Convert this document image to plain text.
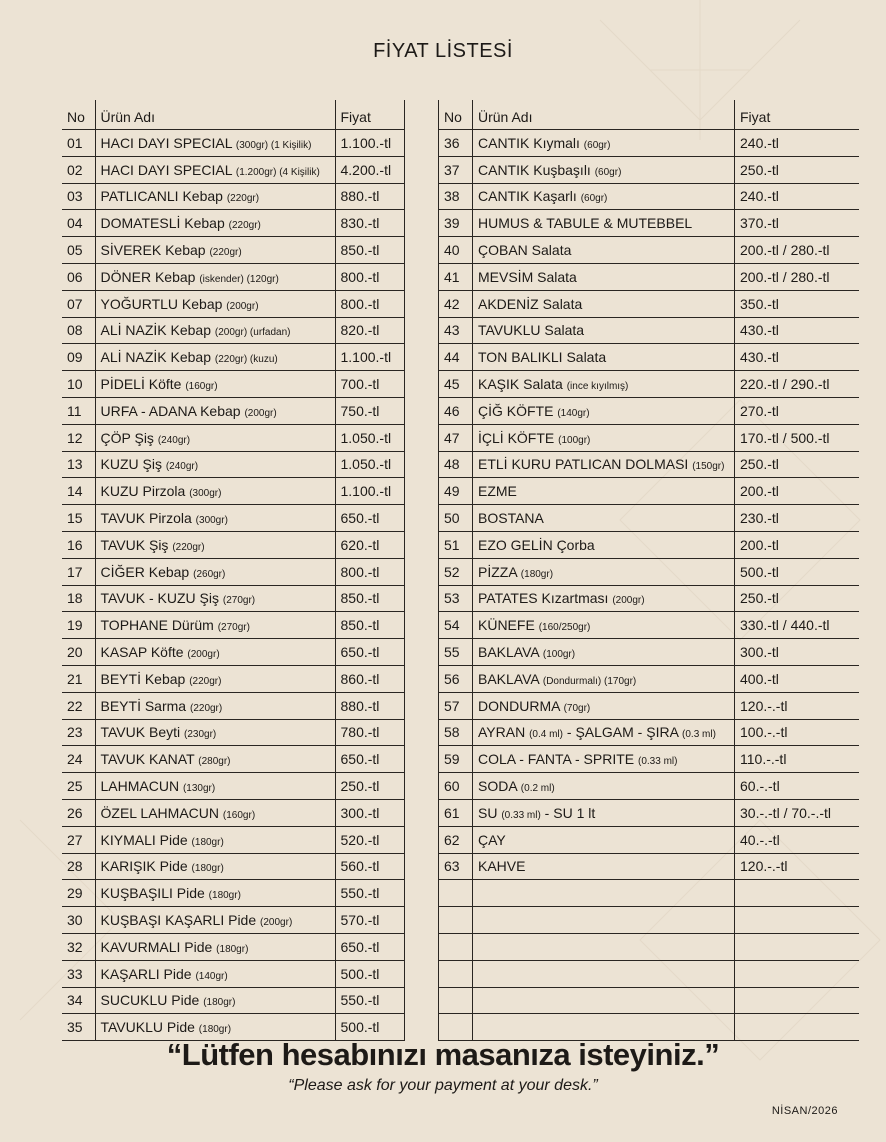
FİYAT LİSTESİ
No	Ürün Adı	Fiyat
01	HACI DAYI SPECIAL (300gr) (1 Kişilik)	1.100.-tl
02	HACI DAYI SPECIAL (1.200gr) (4 Kişilik)	4.200.-tl
03	PATLICANLI Kebap (220gr)	880.-tl
04	DOMATESLİ Kebap (220gr)	830.-tl
05	SİVEREK Kebap (220gr)	850.-tl
06	DÖNER Kebap (iskender) (120gr)	800.-tl
07	YOĞURTLU Kebap (200gr)	800.-tl
08	ALİ NAZİK Kebap (200gr) (urfadan)	820.-tl
09	ALİ NAZİK Kebap (220gr) (kuzu)	1.100.-tl
10	PİDELİ Köfte (160gr)	700.-tl
11	URFA - ADANA Kebap (200gr)	750.-tl
12	ÇÖP Şiş (240gr)	1.050.-tl
13	KUZU Şiş (240gr)	1.050.-tl
14	KUZU Pirzola (300gr)	1.100.-tl
15	TAVUK Pirzola (300gr)	650.-tl
16	TAVUK Şiş (220gr)	620.-tl
17	CİĞER Kebap (260gr)	800.-tl
18	TAVUK - KUZU Şiş (270gr)	850.-tl
19	TOPHANE Dürüm (270gr)	850.-tl
20	KASAP Köfte (200gr)	650.-tl
21	BEYTİ Kebap (220gr)	860.-tl
22	BEYTİ Sarma (220gr)	880.-tl
23	TAVUK Beyti (230gr)	780.-tl
24	TAVUK KANAT (280gr)	650.-tl
25	LAHMACUN (130gr)	250.-tl
26	ÖZEL LAHMACUN (160gr)	300.-tl
27	KIYMALI Pide (180gr)	520.-tl
28	KARIŞIK Pide (180gr)	560.-tl
29	KUŞBAŞILI Pide (180gr)	550.-tl
30	KUŞBAŞI KAŞARLI Pide (200gr)	570.-tl
32	KAVURMALI Pide (180gr)	650.-tl
33	KAŞARLI Pide (140gr)	500.-tl
34	SUCUKLU Pide (180gr)	550.-tl
35	TAVUKLU Pide (180gr)	500.-tl
No	Ürün Adı	Fiyat
36	CANTIK Kıymalı (60gr)	240.-tl
37	CANTIK Kuşbaşılı (60gr)	250.-tl
38	CANTIK Kaşarlı (60gr)	240.-tl
39	HUMUS & TABULE & MUTEBBEL	370.-tl
40	ÇOBAN Salata	200.-tl / 280.-tl
41	MEVSİM Salata	200.-tl / 280.-tl
42	AKDENİZ Salata	350.-tl
43	TAVUKLU Salata	430.-tl
44	TON BALIKLI Salata	430.-tl
45	KAŞIK Salata (ince kıyılmış)	220.-tl / 290.-tl
46	ÇİĞ KÖFTE (140gr)	270.-tl
47	İÇLİ KÖFTE (100gr)	170.-tl / 500.-tl
48	ETLİ KURU PATLICAN DOLMASI (150gr)	250.-tl
49	EZME	200.-tl
50	BOSTANA	230.-tl
51	EZO GELİN Çorba	200.-tl
52	PİZZA (180gr)	500.-tl
53	PATATES Kızartması (200gr)	250.-tl
54	KÜNEFE (160/250gr)	330.-tl / 440.-tl
55	BAKLAVA (100gr)	300.-tl
56	BAKLAVA (Dondurmalı) (170gr)	400.-tl
57	DONDURMA (70gr)	120.-.-tl
58	AYRAN (0.4 ml) - ŞALGAM - ŞIRA (0.3 ml)	100.-.-tl
59	COLA - FANTA - SPRITE (0.33 ml)	110.-.-tl
60	SODA (0.2 ml)	60.-.-tl
61	SU (0.33 ml) - SU 1 lt	30.-.-tl / 70.-.-tl
62	ÇAY	40.-.-tl
63	KAHVE	120.-.-tl

“Lütfen hesabınızı masanıza isteyiniz.”
“Please ask for your payment at your desk.”
NİSAN/2026
